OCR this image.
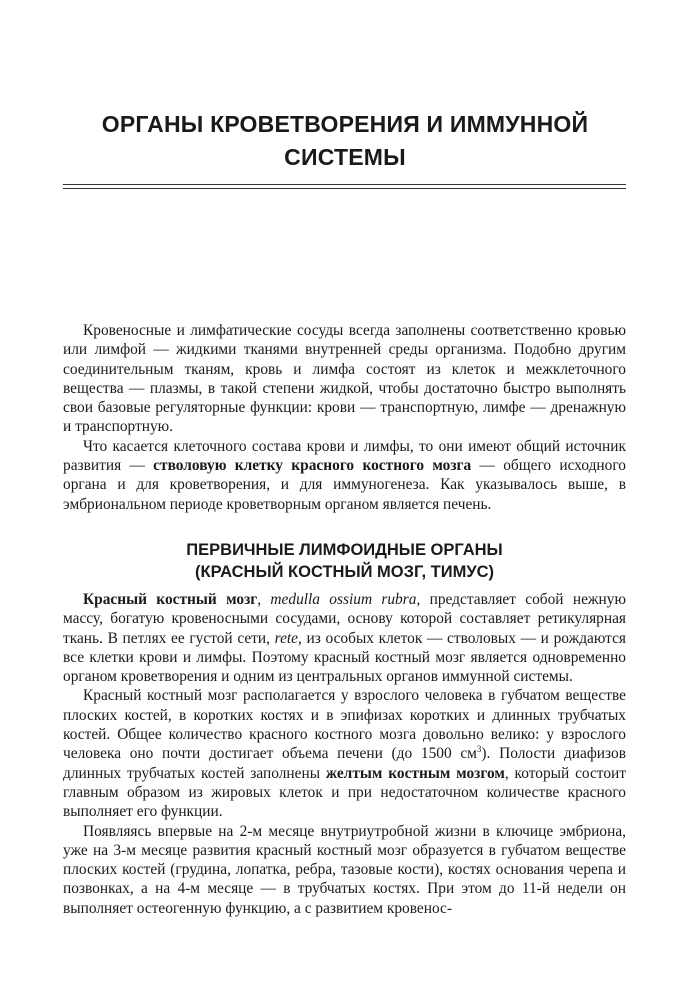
ОРГАНЫ КРОВЕТВОРЕНИЯ И ИММУННОЙ
СИСТЕМЫ

Кровеносные и лимфатические сосуды всегда заполнены соответственно кровью или лимфой — жидкими тканями внутренней среды организма. Подобно другим соединительным тканям, кровь и лимфа состоят из клеток и межклеточного вещества — плазмы, в такой степени жидкой, чтобы достаточно быстро выполнять свои базовые регуляторные функции: крови — транспортную, лимфе — дренажную и транспортную.

Что касается клеточного состава крови и лимфы, то они имеют общий источник развития — стволовую клетку красного костного мозга — общего исходного органа и для кроветворения, и для иммуногенеза. Как указывалось выше, в эмбриональном периоде кроветворным органом является печень.

ПЕРВИЧНЫЕ ЛИМФОИДНЫЕ ОРГАНЫ
(КРАСНЫЙ КОСТНЫЙ МОЗГ, ТИМУС)

Красный костный мозг, medulla ossium rubra, представляет собой нежную массу, богатую кровеносными сосудами, основу которой составляет ретикулярная ткань. В петлях ее густой сети, rete, из особых клеток — стволовых — и рождаются все клетки крови и лимфы. Поэтому красный костный мозг является одновременно органом кроветворения и одним из центральных органов иммунной системы.

Красный костный мозг располагается у взрослого человека в губчатом веществе плоских костей, в коротких костях и в эпифизах коротких и длинных трубчатых костей. Общее количество красного костного мозга довольно велико: у взрослого человека оно почти достигает объема печени (до 1500 $см^3$). Полости диафизов длинных трубчатых костей заполнены желтым костным мозгом, который состоит главным образом из жировых клеток и при недостаточном количестве красного выполняет его функции.

Появляясь впервые на 2-м месяце внутриутробной жизни в ключице эмбриона, уже на 3-м месяце развития красный костный мозг образуется в губчатом веществе плоских костей (грудина, лопатка, ребра, тазовые кости), костях основания черепа и позвонках, а на 4-м месяце — в трубчатых костях. При этом до 11-й недели он выполняет остеогенную функцию, а с развитием кровенос-
